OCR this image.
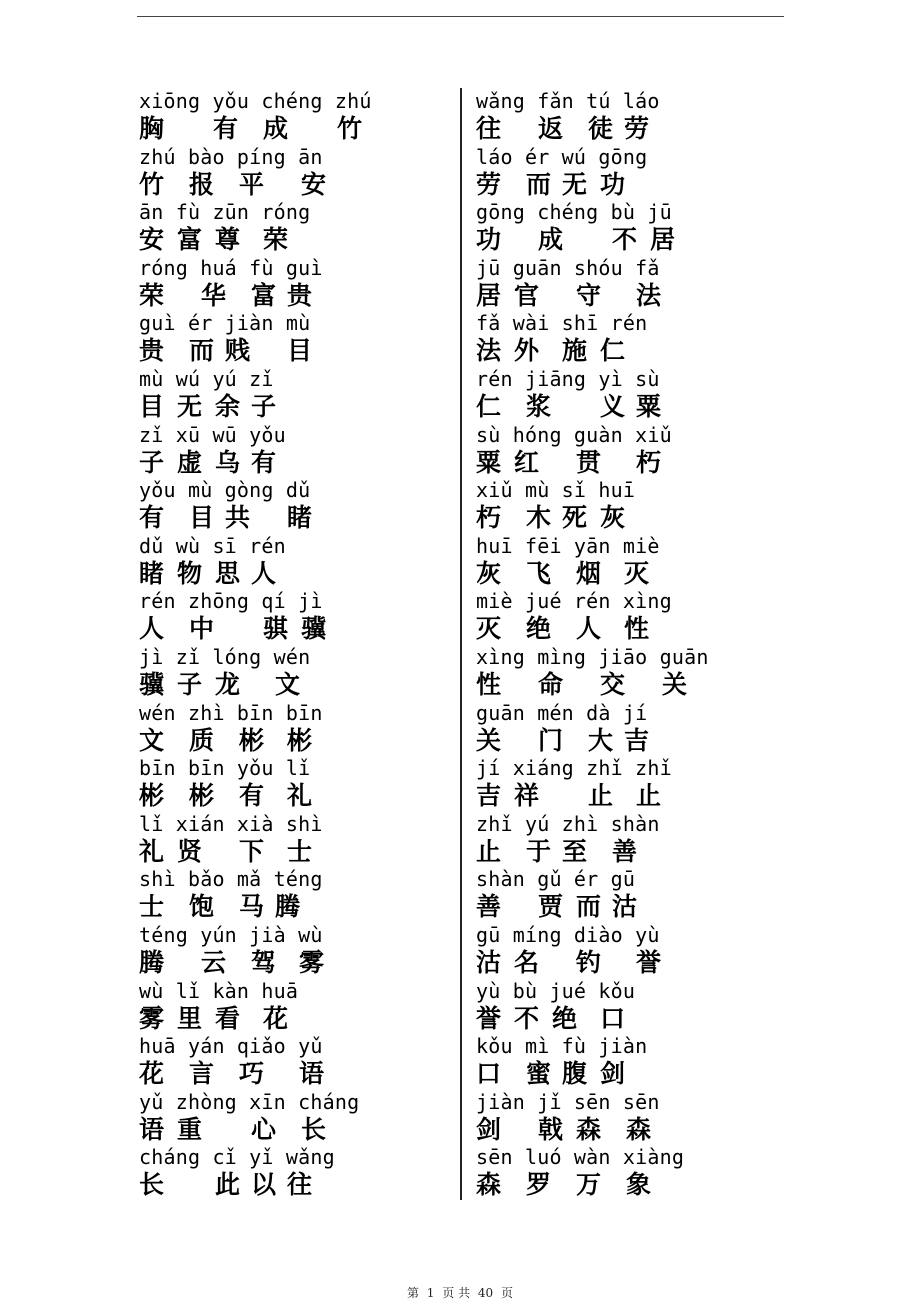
xiōng yǒu chéng zhú
胸 有 成 竹
zhú bào píng ān
竹 报 平 安
ān fù zūn róng
安 富 尊 荣
róng huá fù guì
荣 华 富 贵
guì ér jiàn mù
贵 而 贱 目
mù wú yú zǐ
目 无 余 子
zǐ xū wū yǒu
子 虚 乌 有
yǒu mù gòng dǔ
有 目 共 睹
dǔ wù sī rén
睹 物 思 人
rén zhōng qí jì
人 中 骐 骥
jì zǐ lóng wén
骥 子 龙 文
wén zhì bīn bīn
文 质 彬 彬
bīn bīn yǒu lǐ
彬 彬 有 礼
lǐ xián xià shì
礼 贤 下 士
shì bǎo mǎ téng
士 饱 马 腾
téng yún jià wù
腾 云 驾 雾
wù lǐ kàn huā
雾 里 看 花
huā yán qiǎo yǔ
花 言 巧 语
yǔ zhòng xīn cháng
语 重 心 长
cháng cǐ yǐ wǎng
长 此 以 往
wǎng fǎn tú láo
往 返 徒 劳
láo ér wú gōng
劳 而 无 功
gōng chéng bù jū
功 成 不 居
jū guān shóu fǎ
居 官 守 法
fǎ wài shī rén
法 外 施 仁
rén jiāng yì sù
仁 浆 义 粟
sù hóng guàn xiǔ
粟 红 贯 朽
xiǔ mù sǐ huī
朽 木 死 灰
huī fēi yān miè
灰 飞 烟 灭
miè jué rén xìng
灭 绝 人 性
xìng mìng jiāo guān
性 命 交 关
guān mén dà jí
关 门 大 吉
jí xiáng zhǐ zhǐ
吉 祥 止 止
zhǐ yú zhì shàn
止 于 至 善
shàn gǔ ér gū
善 贾 而 沽
gū míng diào yù
沽 名 钓 誉
yù bù jué kǒu
誉 不 绝 口
kǒu mì fù jiàn
口 蜜 腹 剑
jiàn jǐ sēn sēn
剑 戟 森 森
sēn luó wàn xiàng
森 罗 万 象
第 1 页 共 40 页
